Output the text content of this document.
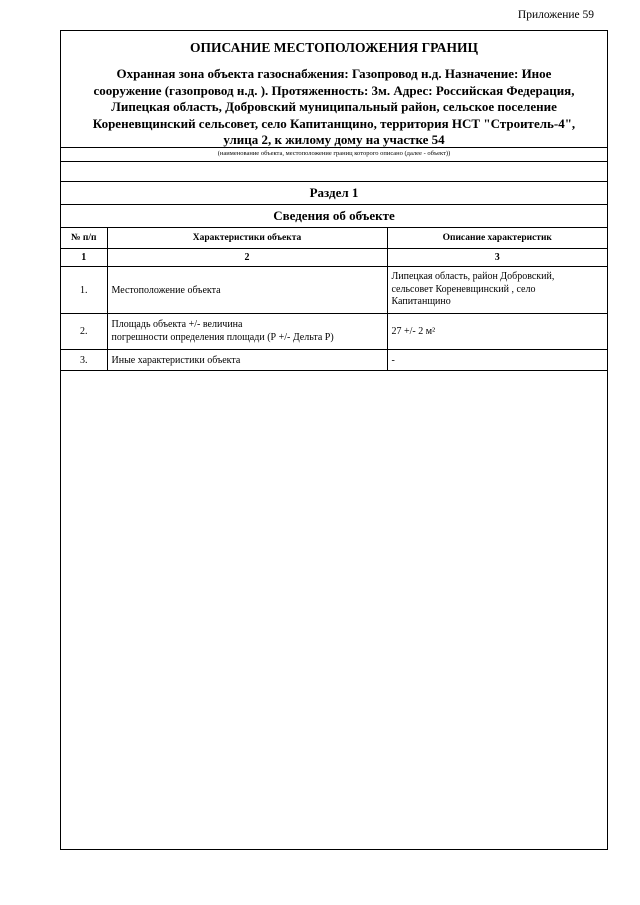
Приложение 59
ОПИСАНИЕ МЕСТОПОЛОЖЕНИЯ ГРАНИЦ
Охранная зона объекта газоснабжения: Газопровод н.д. Назначение: Иное
сооружение (газопровод н.д. ). Протяженность: 3м. Адрес: Российская Федерация,
Липецкая область, Добровский муниципальный район, сельское поселение
Кореневщинский сельсовет, село Капитанщино, территория НСТ "Строитель-4",
улица 2, к жилому дому на участке 54
(наименование объекта, местоположение границ которого описано (далее - объект))
Раздел 1
Сведения об объекте
№ п/п	Характеристики объекта	Описание характеристик
1	2	3
1.	Местоположение объекта	Липецкая область, район Добровский,
сельсовет Кореневщинский , село
Капитанщино

2.	Площадь объекта +/- величина
погрешности определения площади (Р +/- Дельта Р)	27 +/- 2 м²

3.	Иные характеристики объекта	-
